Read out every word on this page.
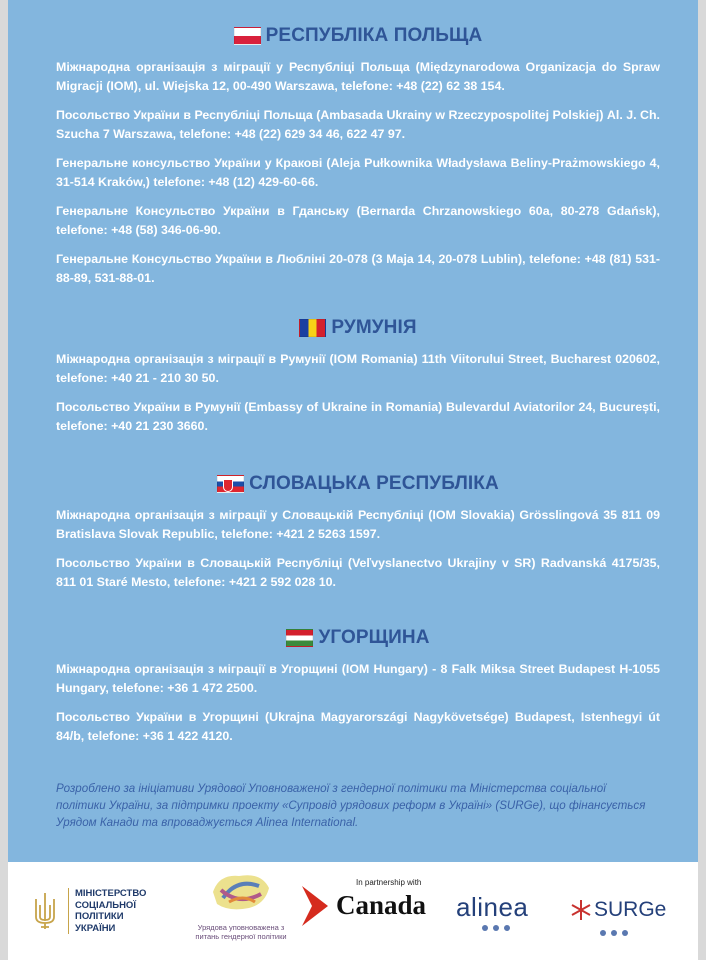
РЕСПУБЛІКА ПОЛЬЩА

Міжнародна організація з міграції у Республіці Польща (Międzynarodowa Organizacja do Spraw Migracji (IOM), ul. Wiejska 12, 00-490 Warszawa, telefone: +48 (22) 62 38 154.

Посольство України в Республіці Польща (Ambasada Ukrainy w Rzeczypospolitej Polskiej) Al. J. Ch. Szucha 7 Warszawa, telefone: +48 (22) 629 34 46, 622 47 97.

Генеральне консульство України у Кракові (Aleja Pułkownika Władysława Beliny-Prażmowskiego 4, 31-514 Kraków,) telefone: +48 (12) 429-60-66.

Генеральне Консульство України в Гданську (Bernarda Chrzanowskiego 60a, 80-278 Gdańsk), telefone: +48 (58) 346-06-90.

Генеральне Консульство України в Любліні 20-078 (3 Maja 14, 20-078 Lublin), telefone: +48 (81) 531-88-89, 531-88-01.

РУМУНІЯ

Міжнародна організація з міграції в Румунії (IOM Romania) 11th Viitorului Street, Bucharest 020602, telefone: +40 21 - 210 30 50.

Посольство України в Румунії (Embassy of Ukraine in Romania) Bulevardul Aviatorilor 24, București, telefone: +40 21 230 3660.

СЛОВАЦЬКА РЕСПУБЛІКА

Міжнародна організація з міграції у Словацькій Республіці (IOM Slovakia) Grösslingová 35 811 09 Bratislava Slovak Republic, telefone: +421 2 5263 1597.

Посольство України в Словацькій Республіці (Veľvyslanectvo Ukrajiny v SR) Radvanská 4175/35, 811 01 Staré Mesto, telefone: +421 2 592 028 10.

УГОРЩИНА

Міжнародна організація з міграції в Угорщині (IOM Hungary) - 8 Falk Miksa Street Budapest H-1055 Hungary, telefone: +36 1 472 2500.

Посольство України в Угорщині (Ukrajna Magyarországi Nagykövetsége) Budapest, Istenhegyi út 84/b, telefone: +36 1 422 4120.

Розроблено за ініціативи Урядової Уповноваженої з гендерної політики та Міністерства соціальної політики України, за підтримки проекту «Супровід урядових реформ в Україні» (SURGe), що фінансується Урядом Канади та впроваджується Alinea International.

МІНІСТЕРСТВО СОЦІАЛЬНОЇ ПОЛІТИКИ УКРАЇНИ	Урядова уповноважена з питань гендерної політики
In partnership with
Canada alinea	SURGe
